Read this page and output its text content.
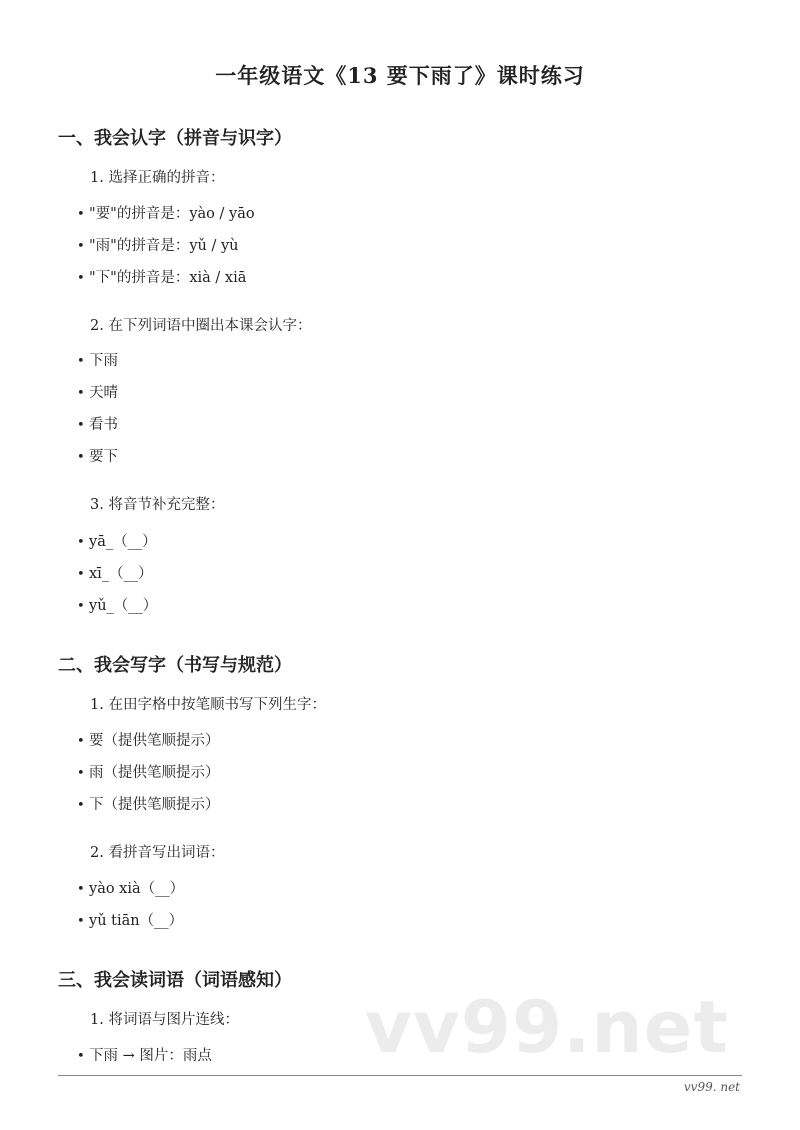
vv99.net
一年级语文《13 要下雨了》课时练习
一、我会认字（拼音与识字）
1. 选择正确的拼音：
• "要"的拼音是：yào / yāo
• "雨"的拼音是：yǔ / yù
• "下"的拼音是：xià / xiā
2. 在下列词语中圈出本课会认字：
• 下雨
• 天晴
• 看书
• 要下
3. 将音节补充完整：
• yā_（__）
• xī_（__）
• yǔ_（__）
二、我会写字（书写与规范）
1. 在田字格中按笔顺书写下列生字：
• 要（提供笔顺提示）
• 雨（提供笔顺提示）
• 下（提供笔顺提示）
2. 看拼音写出词语：
• yào xià（__）
• yǔ tiān（__）
三、我会读词语（词语感知）
1. 将词语与图片连线：
• 下雨 → 图片：雨点
vv99. net
